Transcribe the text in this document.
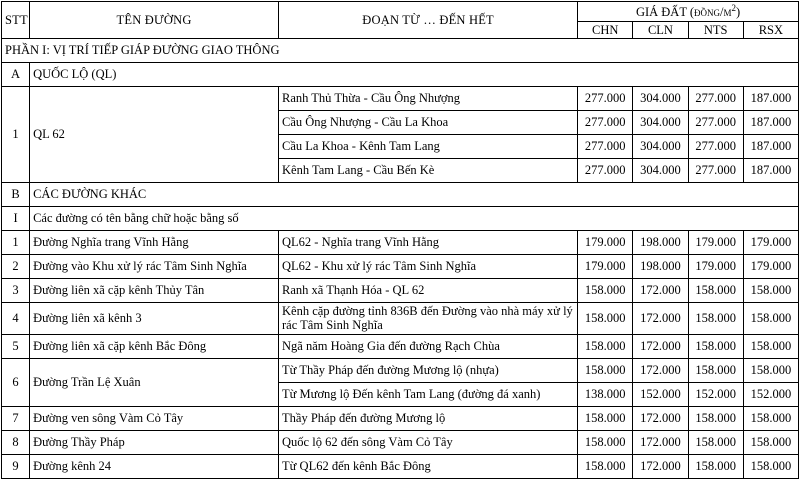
STT	TÊN ĐƯỜNG	ĐOẠN TỪ … ĐẾN HẾT	GIÁ ĐẤT $(đồng/m^2)$			
			CHN	CLN	NTS	RSX
PHẦN I: VỊ TRÍ TIẾP GIÁP ĐƯỜNG GIAO THÔNG						
A	QUỐC LỘ (QL)					
1	QL 62	Ranh Thủ Thừa - Cầu Ông Nhượng	277.000	304.000	277.000	187.000
		Cầu Ông Nhượng - Cầu La Khoa	277.000	304.000	277.000	187.000
		Cầu La Khoa - Kênh Tam Lang	277.000	304.000	277.000	187.000
		Kênh Tam Lang - Cầu Bến Kè	277.000	304.000	277.000	187.000
B	CÁC ĐƯỜNG KHÁC					
I	Các đường có tên bằng chữ hoặc bằng số					
1	Đường Nghĩa trang Vĩnh Hằng	QL62 - Nghĩa trang Vĩnh Hằng	179.000	198.000	179.000	179.000
2	Đường vào Khu xử lý rác Tâm Sinh Nghĩa	QL62 - Khu xử lý rác Tâm Sinh Nghĩa	179.000	198.000	179.000	179.000
3	Đường liên xã cặp kênh Thủy Tân	Ranh xã Thạnh Hóa - QL 62	158.000	172.000	158.000	158.000
4	Đường liên xã kênh 3	Kênh cặp đường tỉnh 836B đến Đường vào nhà máy xử lý rác Tâm Sinh Nghĩa	158.000	172.000	158.000	158.000
5	Đường liên xã cặp kênh Bắc Đông	Ngã năm Hoàng Gia đến đường Rạch Chùa	158.000	172.000	158.000	158.000
6	Đường Trần Lệ Xuân	Từ Thầy Pháp đến đường Mương lộ (nhựa)	158.000	172.000	158.000	158.000
		Từ Mương lộ Đến kênh Tam Lang (đường đá xanh)	138.000	152.000	152.000	152.000
7	Đường ven sông Vàm Cỏ Tây	Thầy Pháp đến đường Mương lộ	158.000	172.000	158.000	158.000
8	Đường Thầy Pháp	Quốc lộ 62 đến sông Vàm Cỏ Tây	158.000	172.000	158.000	158.000
9	Đường kênh 24	Từ QL62 đến kênh Bắc Đông	158.000	172.000	158.000	158.000
